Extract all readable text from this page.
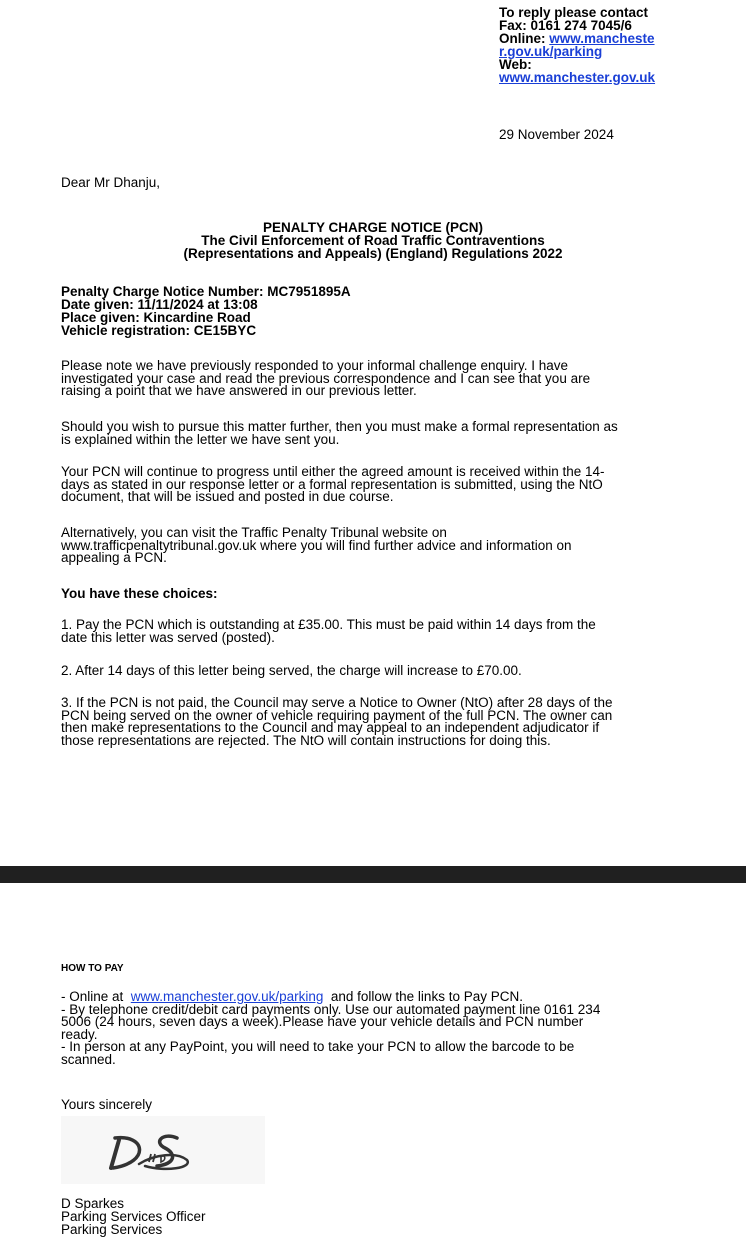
To reply please contact
Fax: 0161 274 7045/6
Online: www.mancheste
r.gov.uk/parking
Web:
www.manchester.gov.uk
29 November 2024
Dear Mr Dhanju,
PENALTY CHARGE NOTICE (PCN)
The Civil Enforcement of Road Traffic Contraventions
(Representations and Appeals) (England) Regulations 2022
Penalty Charge Notice Number: MC7951895A
Date given: 11/11/2024 at 13:08
Place given: Kincardine Road
Vehicle registration: CE15BYC
Please note we have previously responded to your informal challenge enquiry. I have
investigated your case and read the previous correspondence and I can see that you are
raising a point that we have answered in our previous letter.
Should you wish to pursue this matter further, then you must make a formal representation as
is explained within the letter we have sent you.
Your PCN will continue to progress until either the agreed amount is received within the 14-
days as stated in our response letter or a formal representation is submitted, using the NtO
document, that will be issued and posted in due course.
Alternatively, you can visit the Traffic Penalty Tribunal website on
www.trafficpenaltytribunal.gov.uk where you will find further advice and information on
appealing a PCN.
You have these choices:
1. Pay the PCN which is outstanding at £35.00. This must be paid within 14 days from the
date this letter was served (posted).
2. After 14 days of this letter being served, the charge will increase to £70.00.
3. If the PCN is not paid, the Council may serve a Notice to Owner (NtO) after 28 days of the
PCN being served on the owner of vehicle requiring payment of the full PCN. The owner can
then make representations to the Council and may appeal to an independent adjudicator if
those representations are rejected. The NtO will contain instructions for doing this.
HOW TO PAY
- Online at  www.manchester.gov.uk/parking  and follow the links to Pay PCN.
- By telephone credit/debit card payments only. Use our automated payment line 0161 234
5006 (24 hours, seven days a week).Please have your vehicle details and PCN number
ready.
- In person at any PayPoint, you will need to take your PCN to allow the barcode to be
scanned.
Yours sincerely
D Sparkes
Parking Services Officer
Parking Services
